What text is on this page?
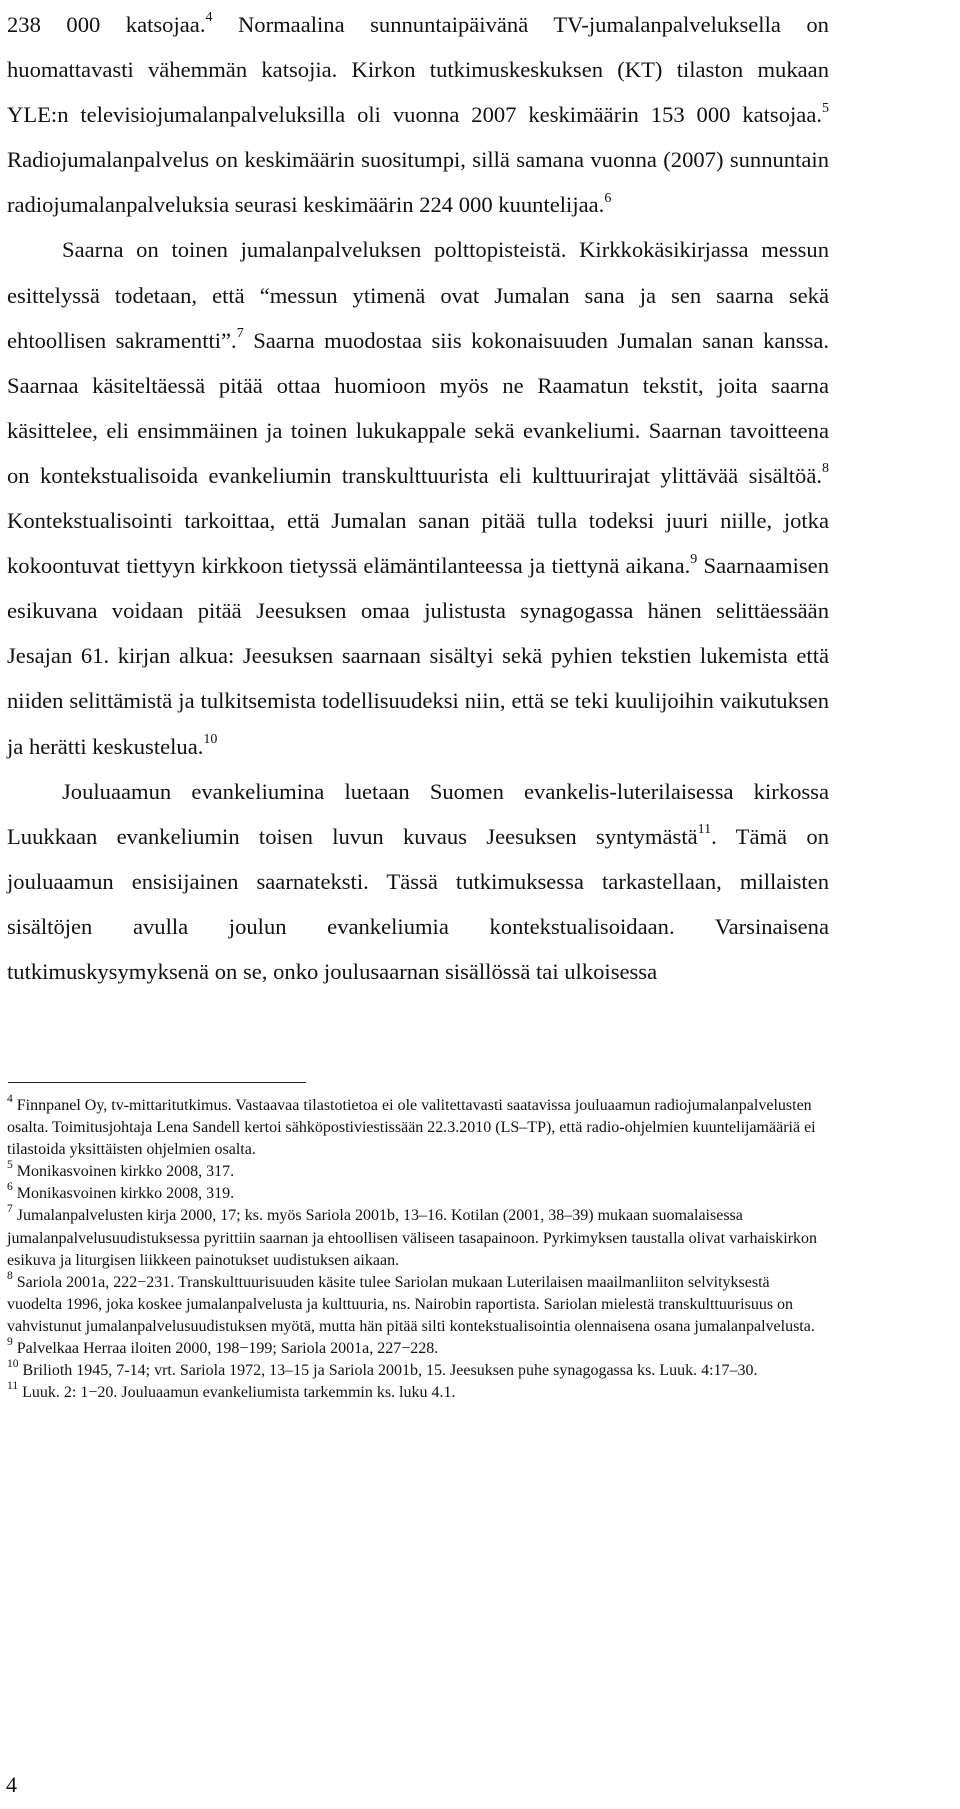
238 000 katsojaa.$^4$ Normaalina sunnuntaipäivänä TV-jumalanpalveluksella on huomattavasti vähemmän katsojia. Kirkon tutkimuskeskuksen (KT) tilaston mukaan YLE:n televisiojumalanpalveluksilla oli vuonna 2007 keskimäärin 153 000 katsojaa.$^5$ Radiojumalanpalvelus on keskimäärin suositumpi, sillä samana vuonna (2007) sunnuntain radiojumalanpalveluksia seurasi keskimäärin 224 000 kuuntelijaa.$^6$

Saarna on toinen jumalanpalveluksen polttopisteistä. Kirkkokäsikirjassa messun esittelyssä todetaan, että “messun ytimenä ovat Jumalan sana ja sen saarna sekä ehtoollisen sakramentti”.$^7$ Saarna muodostaa siis kokonaisuuden Jumalan sanan kanssa. Saarnaa käsiteltäessä pitää ottaa huomioon myös ne Raamatun tekstit, joita saarna käsittelee, eli ensimmäinen ja toinen lukukappale sekä evankeliumi. Saarnan tavoitteena on kontekstualisoida evankeliumin transkulttuurista eli kulttuurirajat ylittävää sisältöä.$^8$ Kontekstualisointi tarkoittaa, että Jumalan sanan pitää tulla todeksi juuri niille, jotka kokoontuvat tiettyyn kirkkoon tietyssä elämäntilanteessa ja tiettynä aikana.$^9$ Saarnaamisen esikuvana voidaan pitää Jeesuksen omaa julistusta synagogassa hänen selittäessään Jesajan 61. kirjan alkua: Jeesuksen saarnaan sisältyi sekä pyhien tekstien lukemista että niiden selittämistä ja tulkitsemista todellisuudeksi niin, että se teki kuulijoihin vaikutuksen ja herätti keskustelua.$^{10}$

Jouluaamun evankeliumina luetaan Suomen evankelis-luterilaisessa kirkossa Luukkaan evankeliumin toisen luvun kuvaus Jeesuksen syntymästä$^{11}$. Tämä on jouluaamun ensisijainen saarnateksti. Tässä tutkimuksessa tarkastellaan, millaisten sisältöjen avulla joulun evankeliumia kontekstualisoidaan. Varsinaisena tutkimuskysymyksenä on se, onko joulusaarnan sisällössä tai ulkoisessa

$^4$ Finnpanel Oy, tv-mittaritutkimus. Vastaavaa tilastotietoa ei ole valitettavasti saatavissa jouluaamun radiojumalanpalvelusten osalta. Toimitusjohtaja Lena Sandell kertoi sähköpostiviestissään 22.3.2010 (LS–TP), että radio-ohjelmien kuuntelijamääriä ei tilastoida yksittäisten ohjelmien osalta.

$^5$ Monikasvoinen kirkko 2008, 317.

$^6$ Monikasvoinen kirkko 2008, 319.

$^7$ Jumalanpalvelusten kirja 2000, 17; ks. myös Sariola 2001b, 13–16. Kotilan (2001, 38–39) mukaan suomalaisessa jumalanpalvelusuudistuksessa pyrittiin saarnan ja ehtoollisen väliseen tasapainoon. Pyrkimyksen taustalla olivat varhaiskirkon esikuva ja liturgisen liikkeen painotukset uudistuksen aikaan.

$^8$ Sariola 2001a, 222−231. Transkulttuurisuuden käsite tulee Sariolan mukaan Luterilaisen maailmanliiton selvityksestä vuodelta 1996, joka koskee jumalanpalvelusta ja kulttuuria, ns. Nairobin raportista. Sariolan mielestä transkulttuurisuus on vahvistunut jumalanpalvelusuudistuksen myötä, mutta hän pitää silti kontekstualisointia olennaisena osana jumalanpalvelusta.

$^9$ Palvelkaa Herraa iloiten 2000, 198−199; Sariola 2001a, 227−228.

$^{10}$ Brilioth 1945, 7-14; vrt. Sariola 1972, 13–15 ja Sariola 2001b, 15. Jeesuksen puhe synagogassa ks. Luuk. 4:17–30.

$^{11}$ Luuk. 2: 1−20. Jouluaamun evankeliumista tarkemmin ks. luku 4.1.

4
